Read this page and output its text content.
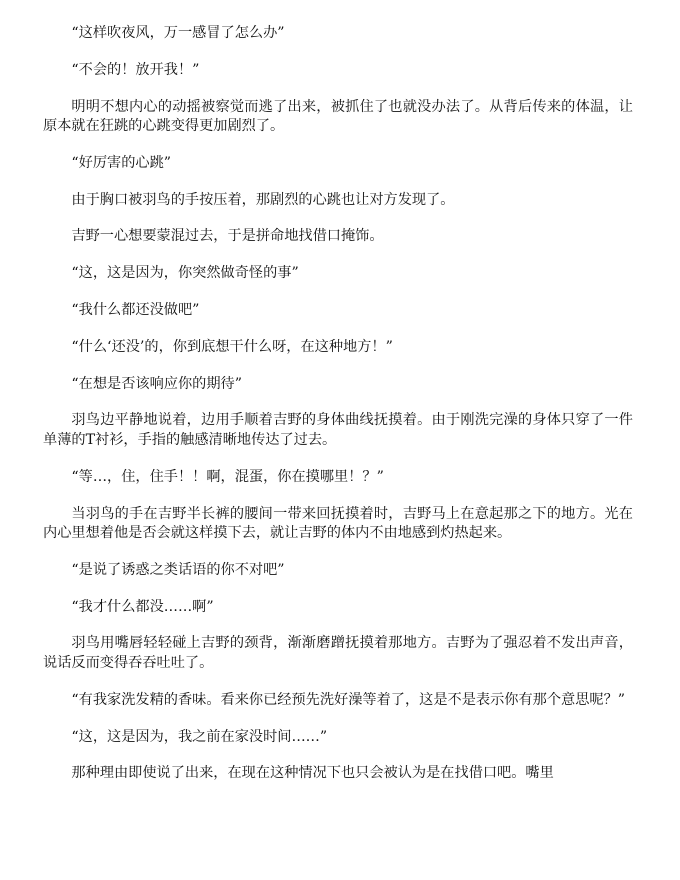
“这样吹夜风，万一感冒了怎么办”

“不会的！放开我！”

明明不想内心的动摇被察觉而逃了出来，被抓住了也就没办法了。从背后传来的体温，让原本就在狂跳的心跳变得更加剧烈了。

“好厉害的心跳”

由于胸口被羽鸟的手按压着，那剧烈的心跳也让对方发现了。

吉野一心想要蒙混过去，于是拼命地找借口掩饰。

“这，这是因为，你突然做奇怪的事”

“我什么都还没做吧”

“什么‘还没’的，你到底想干什么呀，在这种地方！”

“在想是否该响应你的期待”

羽鸟边平静地说着，边用手顺着吉野的身体曲线抚摸着。由于刚洗完澡的身体只穿了一件单薄的T衬衫，手指的触感清晰地传达了过去。

“等…，住，住手！！啊，混蛋，你在摸哪里！？”

当羽鸟的手在吉野半长裤的腰间一带来回抚摸着时，吉野马上在意起那之下的地方。光在内心里想着他是否会就这样摸下去，就让吉野的体内不由地感到灼热起来。

“是说了诱惑之类话语的你不对吧”

“我才什么都没……啊”

羽鸟用嘴唇轻轻碰上吉野的颈背，渐渐磨蹭抚摸着那地方。吉野为了强忍着不发出声音，说话反而变得吞吞吐吐了。

“有我家洗发精的香味。看来你已经预先洗好澡等着了，这是不是表示你有那个意思呢？”

“这，这是因为，我之前在家没时间……”

那种理由即使说了出来，在现在这种情况下也只会被认为是在找借口吧。嘴里
